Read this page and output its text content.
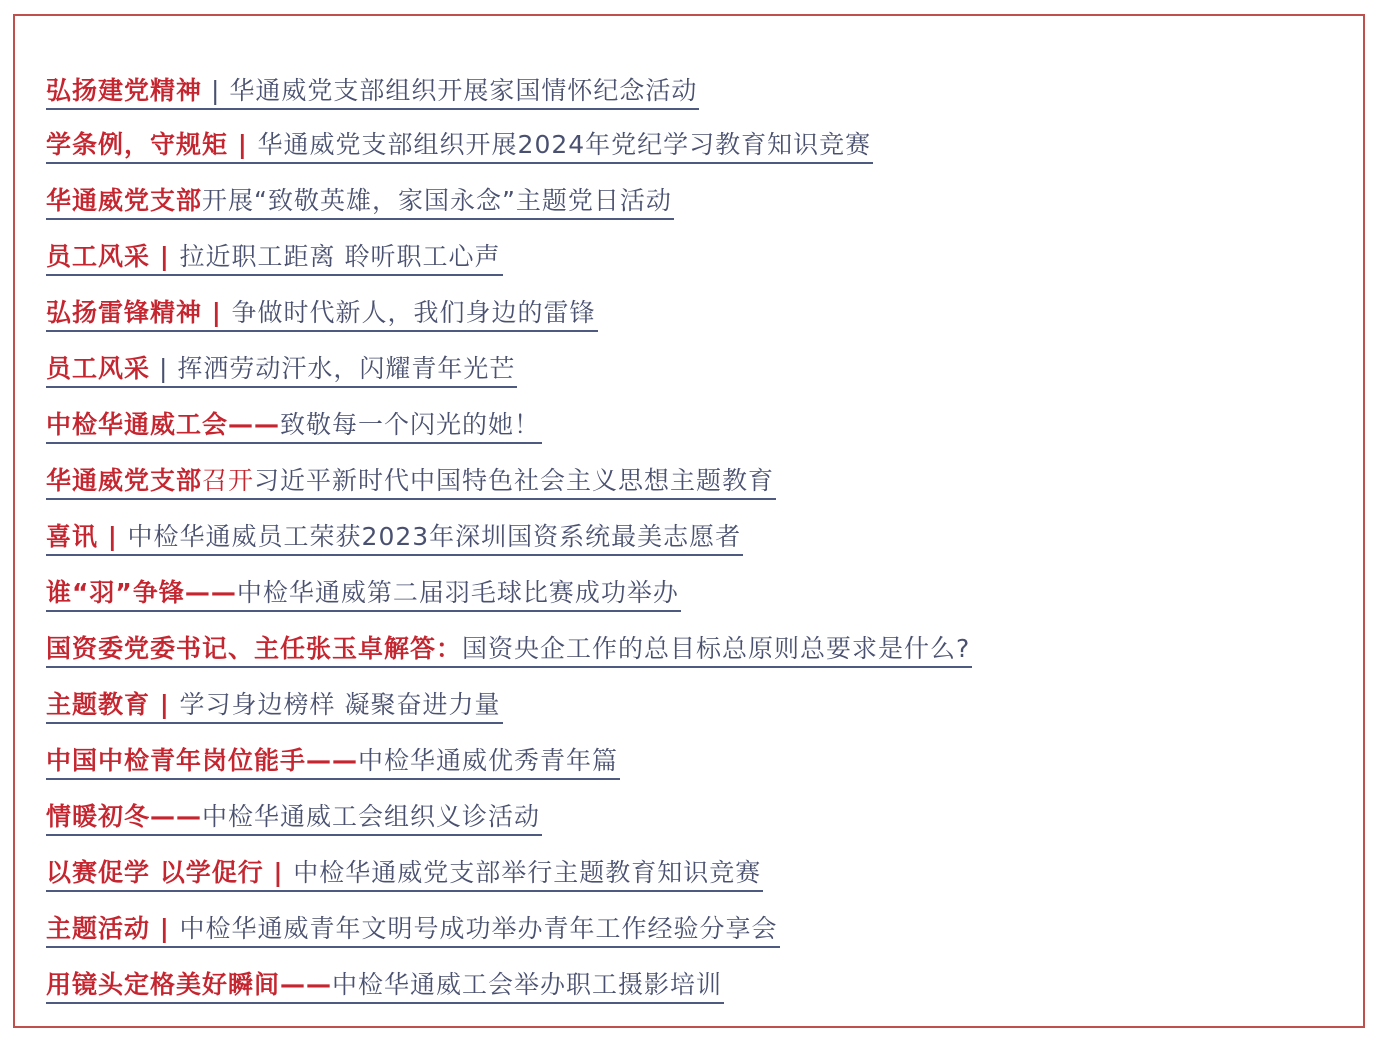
弘扬建党精神 | 华通威党支部组织开展家国情怀纪念活动
学条例，守规矩 | 华通威党支部组织开展2024年党纪学习教育知识竞赛
华通威党支部开展“致敬英雄，家国永念”主题党日活动
员工风采 | 拉近职工距离 聆听职工心声
弘扬雷锋精神 | 争做时代新人，我们身边的雷锋
员工风采 | 挥洒劳动汗水，闪耀青年光芒
中检华通威工会——致敬每一个闪光的她！
华通威党支部召开习近平新时代中国特色社会主义思想主题教育
喜讯 | 中检华通威员工荣获2023年深圳国资系统最美志愿者
谁“羽”争锋——中检华通威第二届羽毛球比赛成功举办
国资委党委书记、主任张玉卓解答：国资央企工作的总目标总原则总要求是什么?
主题教育 | 学习身边榜样 凝聚奋进力量
中国中检青年岗位能手——中检华通威优秀青年篇
情暖初冬——中检华通威工会组织义诊活动
以赛促学 以学促行 | 中检华通威党支部举行主题教育知识竞赛
主题活动 | 中检华通威青年文明号成功举办青年工作经验分享会
用镜头定格美好瞬间——中检华通威工会举办职工摄影培训
